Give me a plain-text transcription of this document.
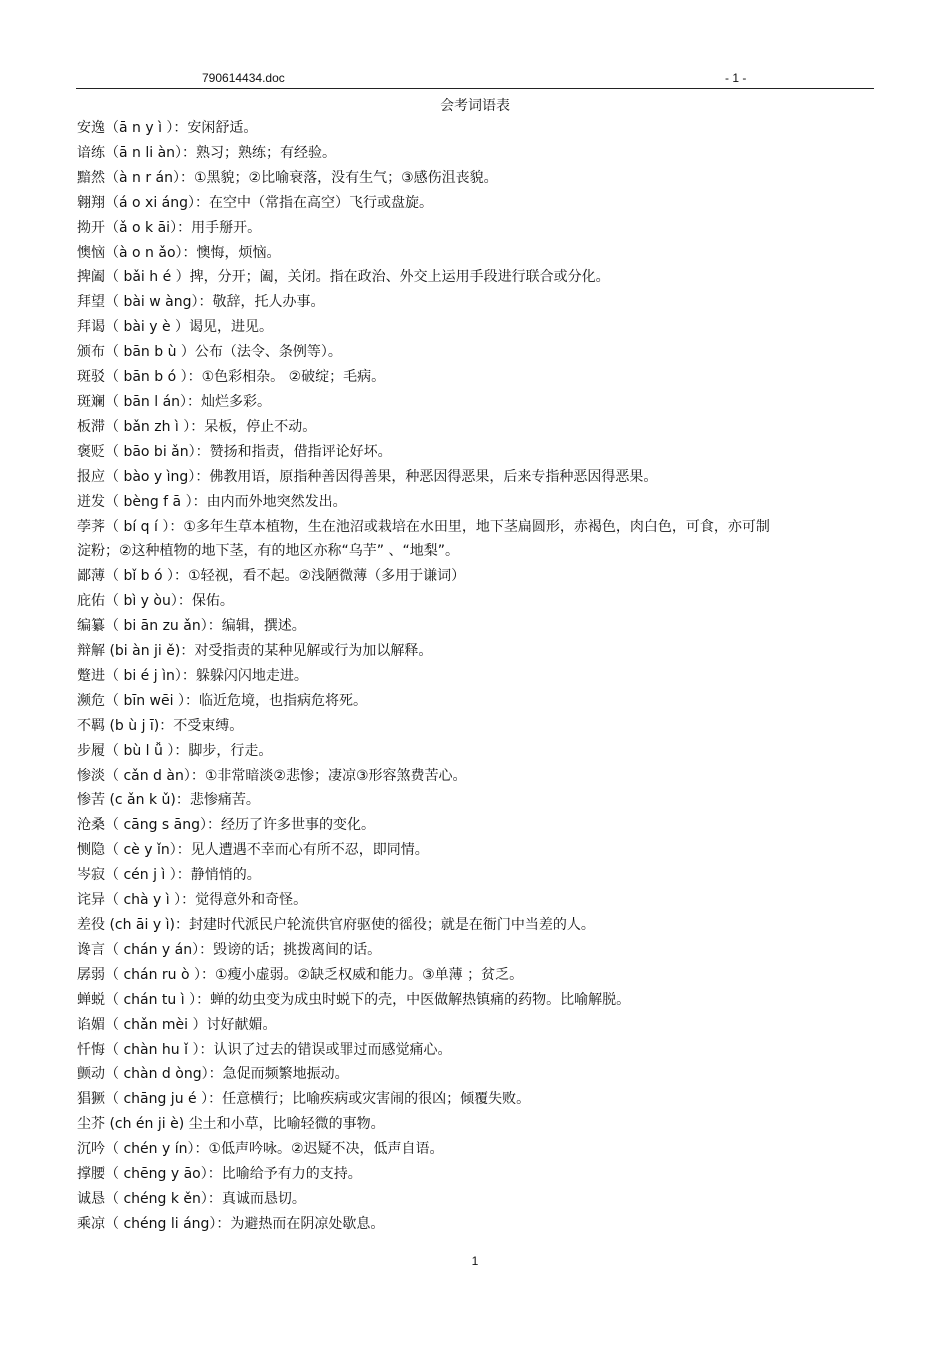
790614434.doc	- 1 -
会考词语表
安逸（ā n y ì ）：安闲舒适。
谙练（ā n li àn）：熟习；熟练；有经验。
黯然（à n r án）：①黑貌；②比喻衰落，没有生气；③感伤沮丧貌。
翱翔（á o xi áng）：在空中（常指在高空）飞行或盘旋。
拗开（ǎ o k āi）：用手掰开。
懊恼（à o n ǎo）：懊悔，烦恼。
捭阖（ bǎi h é ）捭，分开；阖，关闭。指在政治、外交上运用手段进行联合或分化。
拜望（ bài w àng）：敬辞，托人办事。
拜谒（ bài y è ）谒见，进见。
颁布（ bān b ù ）公布（法令、条例等）。
斑驳（ bān b ó ）：①色彩相杂。 ②破绽；毛病。
斑斓（ bān l án）：灿烂多彩。
板滞（ bǎn zh ì ）：呆板，停止不动。
褒贬（ bāo bi ǎn）：赞扬和指责，借指评论好坏。
报应（ bào y ìng）：佛教用语，原指种善因得善果，种恶因得恶果，后来专指种恶因得恶果。
迸发（ bèng f ā ）：由内而外地突然发出。
荸荠（ bí q í ）：①多年生草本植物，生在池沼或栽培在水田里，地下茎扁圆形，赤褐色，肉白色，可食，亦可制
淀粉；②这种植物的地下茎，有的地区亦称“乌芋” 、“地梨”。
鄙薄（ bǐ b ó ）：①轻视，看不起。②浅陋微薄（多用于谦词）
庇佑（ bì y òu）：保佑。
编纂（ bi ān zu ǎn）：编辑，撰述。
辩解 (bi àn ji ě)：对受指责的某种见解或行为加以解释。
蹩进（ bi é j ìn）：躲躲闪闪地走进。
濒危（ bīn wēi ）：临近危境，也指病危将死。
不羁 (b ù j ī)：不受束缚。
步履（ bù l ǚ ）：脚步，行走。
惨淡（ cǎn d àn）：①非常暗淡②悲惨；凄凉③形容煞费苦心。
惨苦 (c ǎn k ǔ)：悲惨痛苦。
沧桑（ cāng s āng）：经历了许多世事的变化。
恻隐（ cè y ǐn）：见人遭遇不幸而心有所不忍，即同情。
岑寂（ cén j ì ）：静悄悄的。
诧异（ chà y ì ）：觉得意外和奇怪。
差役 (ch āi y ì)：封建时代派民户轮流供官府驱使的徭役；就是在衙门中当差的人。
谗言（ chán y án）：毁谤的话；挑拨离间的话。
孱弱（ chán ru ò ）：①瘦小虚弱。②缺乏权威和能力。③单薄 ；贫乏。
蝉蜕（ chán tu ì ）：蝉的幼虫变为成虫时蜕下的壳，中医做解热镇痛的药物。比喻解脱。
谄媚（ chǎn mèi ）讨好献媚。
忏悔（ chàn hu ǐ ）：认识了过去的错误或罪过而感觉痛心。
颤动（ chàn d òng）：急促而频繁地振动。
猖獗（ chāng ju é ）：任意横行；比喻疾病或灾害闹的很凶；倾覆失败。
尘芥 (ch én ji è) 尘土和小草，比喻轻微的事物。
沉吟（ chén y ín）：①低声吟咏。②迟疑不决，低声自语。
撑腰（ chēng y āo）：比喻给予有力的支持。
诚恳（ chéng k ěn）：真诚而恳切。
乘凉（ chéng li áng）：为避热而在阴凉处歇息。
1
